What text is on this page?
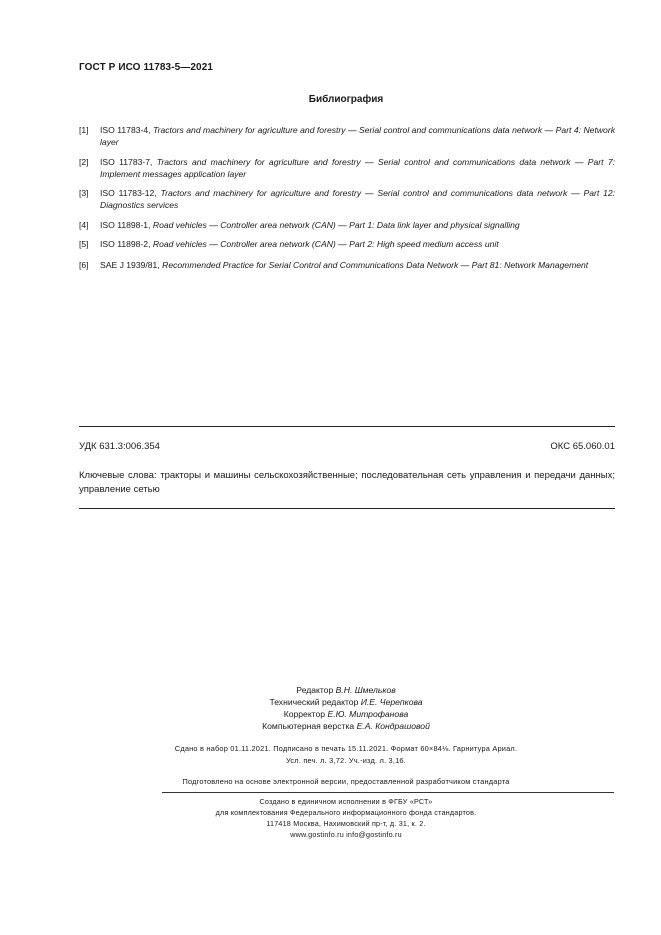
ГОСТ Р ИСО 11783-5—2021
Библиография
[1] ISO 11783-4, Tractors and machinery for agriculture and forestry — Serial control and communications data network — Part 4: Network layer
[2] ISO 11783-7, Tractors and machinery for agriculture and forestry — Serial control and communications data network — Part 7: Implement messages application layer
[3] ISO 11783-12, Tractors and machinery for agriculture and forestry — Serial control and communications data network — Part 12: Diagnostics services
[4] ISO 11898-1, Road vehicles — Controller area network (CAN) — Part 1: Data link layer and physical signalling
[5] ISO 11898-2, Road vehicles — Controller area network (CAN) — Part 2: High speed medium access unit
[6] SAE J 1939/81, Recommended Practice for Serial Control and Communications Data Network — Part 81: Network Management
УДК 631.3:006.354	ОКС 65.060.01
Ключевые слова: тракторы и машины сельскохозяйственные; последовательная сеть управления и передачи данных; управление сетью
Редактор В.Н. Шмельков
Технический редактор И.Е. Черепкова
Корректор Е.Ю. Митрофанова
Компьютерная верстка Е.А. Кондрашовой
Сдано в набор 01.11.2021. Подписано в печать 15.11.2021. Формат 60×84⅛. Гарнитура Ариал.
Усл. печ. л. 3,72. Уч.-изд. л. 3,16.
Подготовлено на основе электронной версии, предоставленной разработчиком стандарта
Создано в единичном исполнении в ФГБУ «РСТ»
для комплектования Федерального информационного фонда стандартов.
117418 Москва, Нахимовский пр-т, д. 31, к. 2.
www.gostinfo.ru info@gostinfo.ru
